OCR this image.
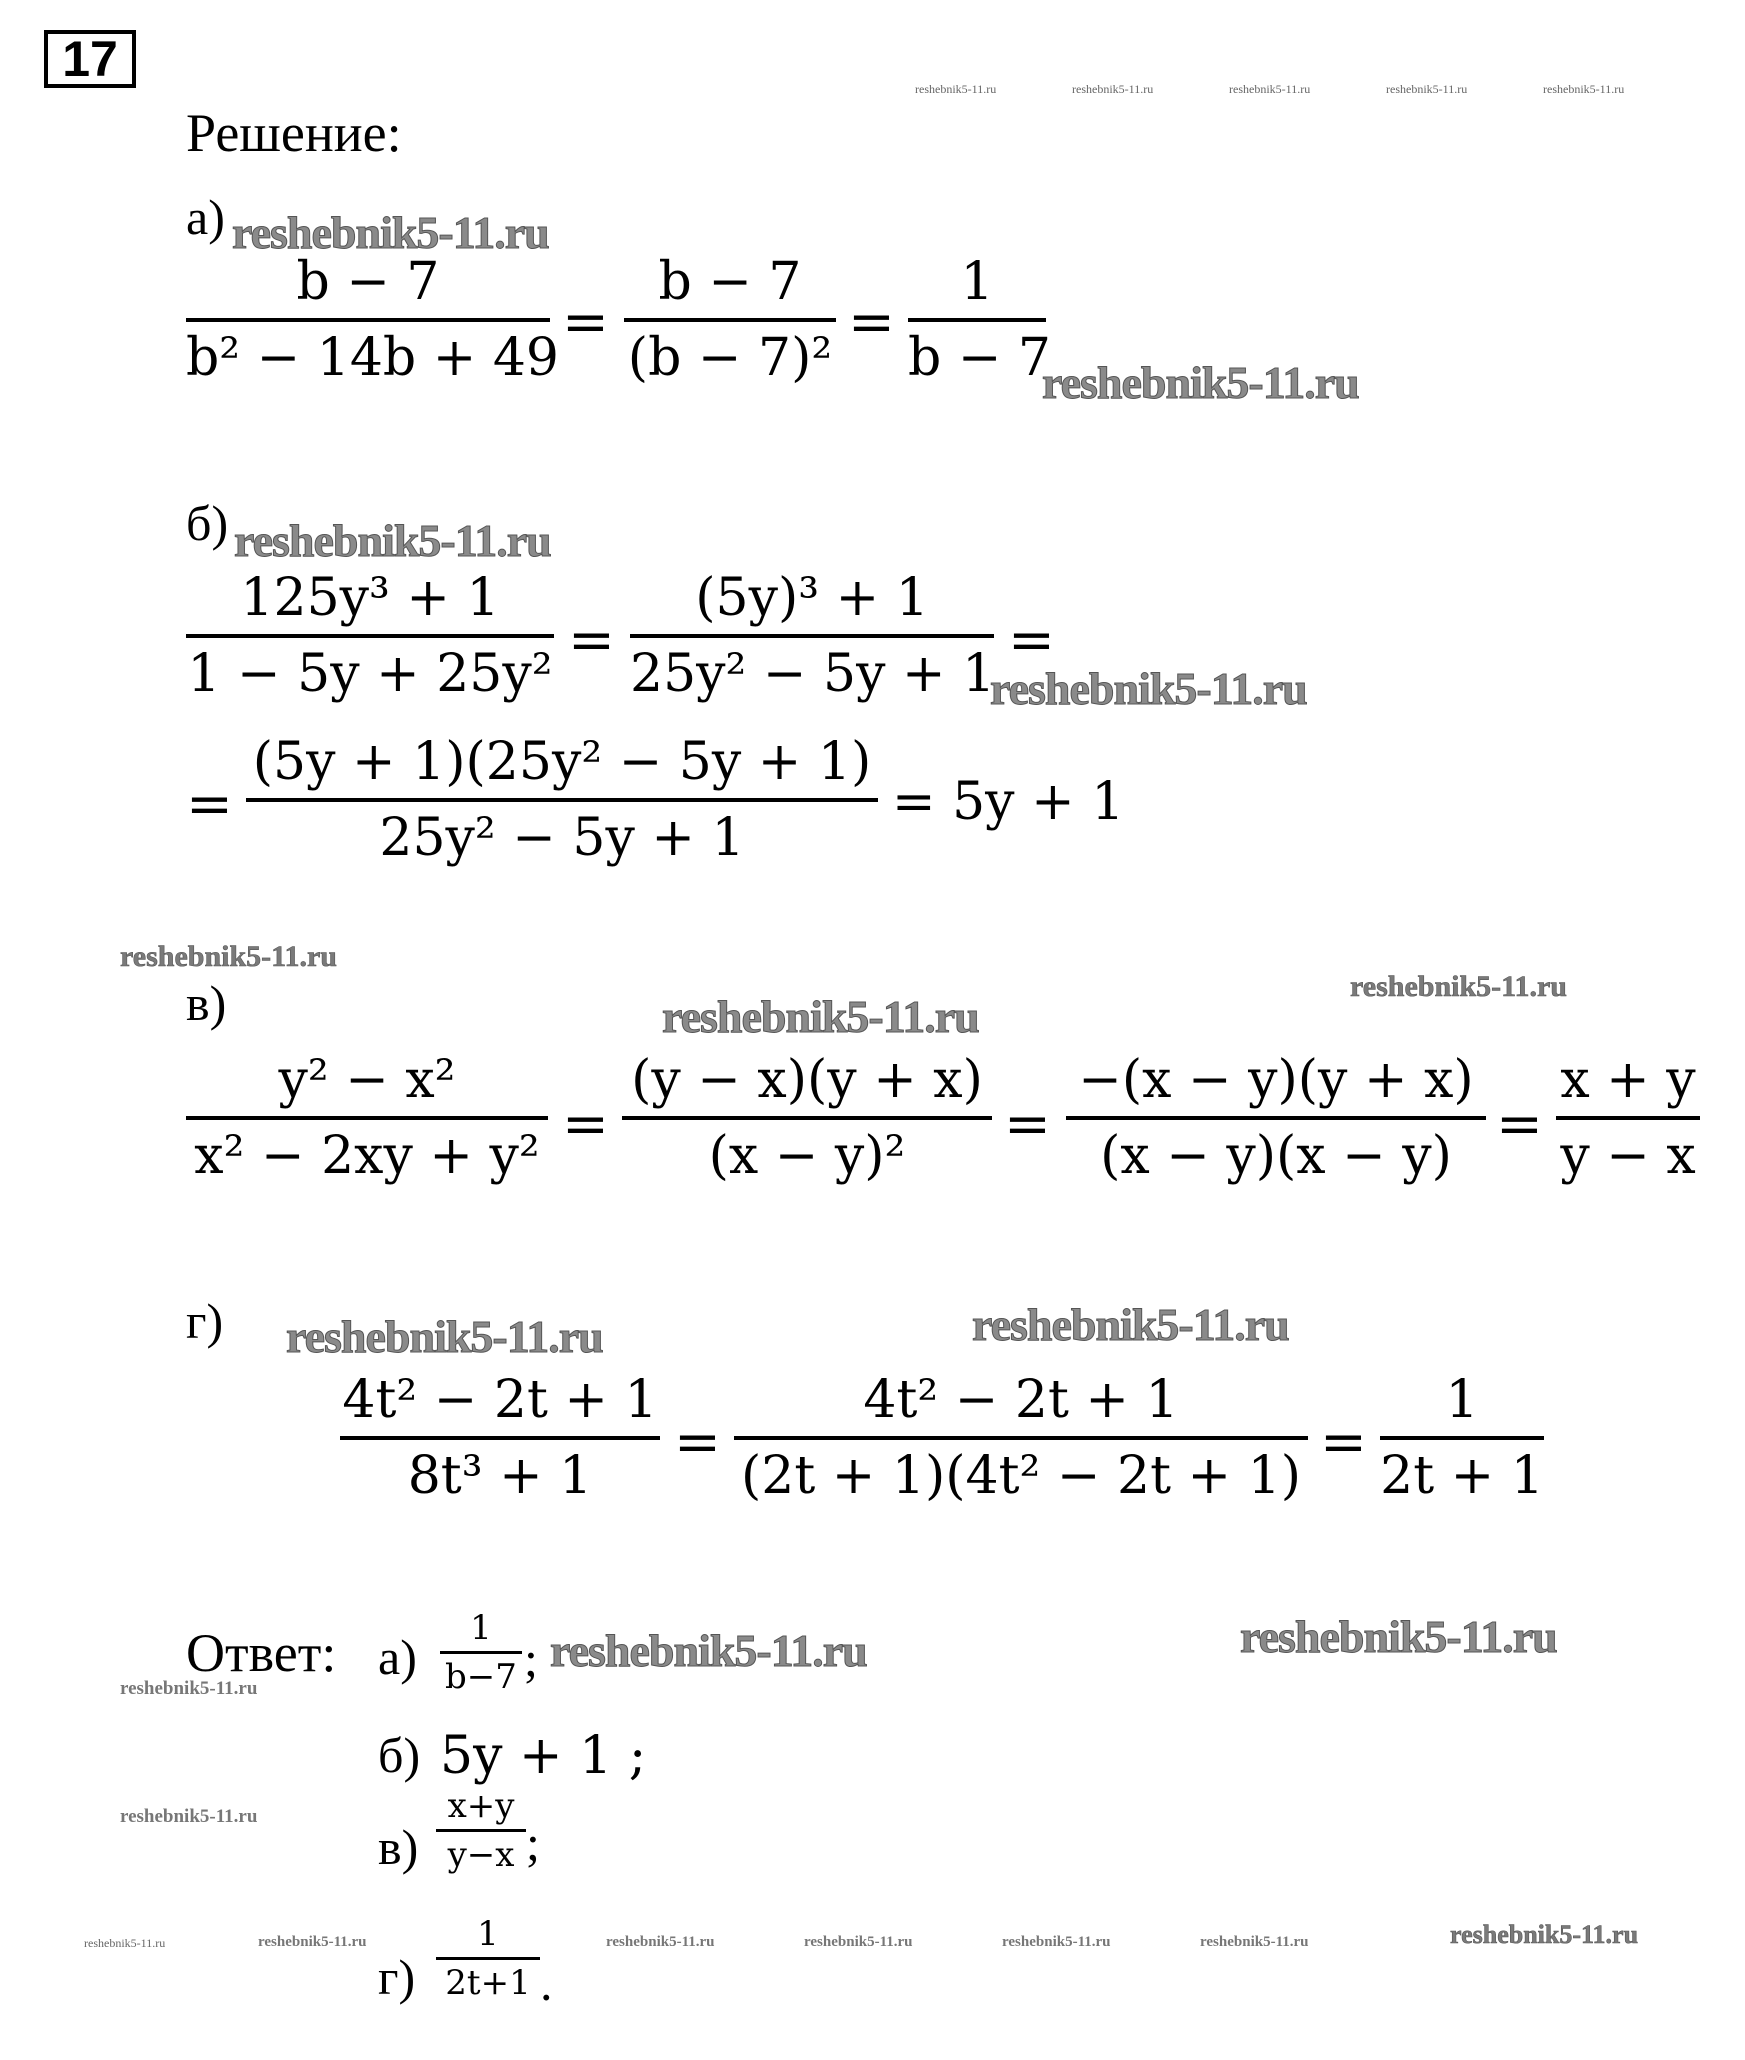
17
reshebnik5-11.ru	reshebnik5-11.ru	reshebnik5-11.ru	reshebnik5-11.ru	reshebnik5-11.ru
Решение:
а) reshebnik5-11.ru
b − 7
b² − 14b + 49
=
b − 7
(b − 7)²
=
1
b − 7
reshebnik5-11.ru
б) reshebnik5-11.ru
125y³ + 1
1 − 5y + 25y²
=
(5y)³ + 1
25y² − 5y + 1
=
reshebnik5-11.ru
=
(5y + 1)(25y² − 5y + 1)
25y² − 5y + 1
= 5y + 1
reshebnik5-11.ru
в)	reshebnik5-11.ru
reshebnik5-11.ru
y² − x²
x² − 2xy + y² =
(y − x)(y + x)
(x − y)²	=
−(x − y)(y + x)
(x − y)(x − y) =
x + y
y − x
г) reshebnik5-11.ru	reshebnik5-11.ru
4t² − 2t + 1
8t³ + 1
=
4t² − 2t + 1
(2t + 1)(4t² − 2t + 1)
=
1
2t + 1
Ответ:
reshebnik5-11.ru
а)
1
b−7 ; reshebnik5-11.ru	reshebnik5-11.ru
б) 5y + 1 ;
reshebnik5-11.ru
в)
x+y
y−x ;
reshebnik5-11.ru	reshebnik5-11.ru	reshebnik5-11.ru	reshebnik5-11.ru	reshebnik5-11.ru	reshebnik5-11.ru	reshebnik5-11.ru
г)
1
2t+1 .
